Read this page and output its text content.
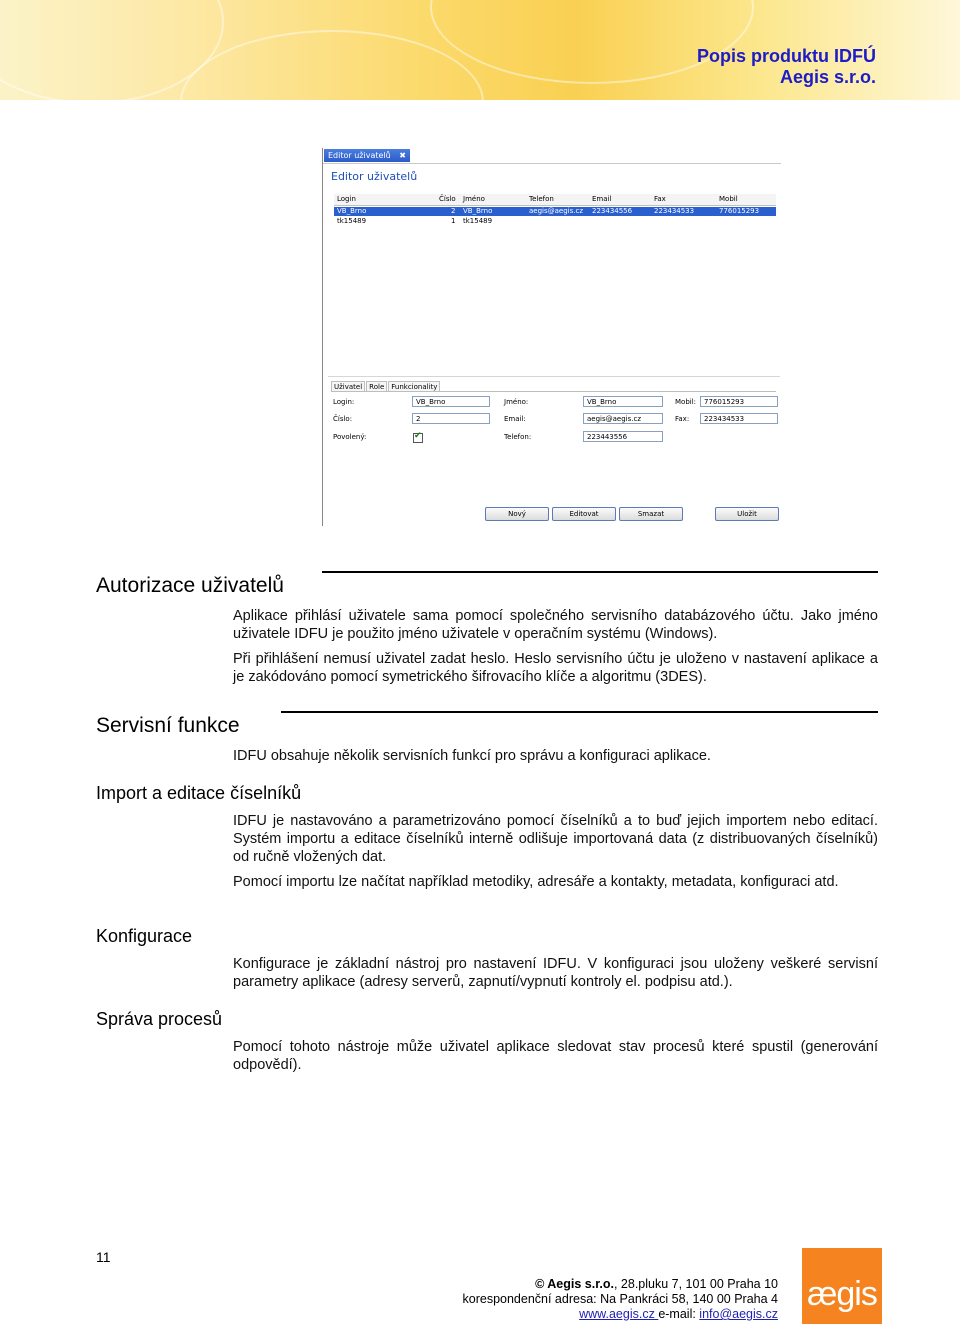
Popis produktu IDFÚ
Aegis s.r.o.
Editor uživatelů ✖
Editor uživatelů
Login	Číslo Jméno	Telefon	Email	Fax	Mobil
VB_Brno	2 VB_Brno	aegis@aegis.cz 223434556	223434533	776015293
tk15489	1 tk15489
Uživatel Role Funkcionality
Login:	VB_Brno
Číslo:	2
Povolený:	✔
Jméno:	VB_Brno
Email:	aegis@aegis.cz
Telefon:	223443556
Mobil:	776015293
Fax:	223434533
Nový	Editovat	Smazat	Uložit
Autorizace uživatelů
Aplikace přihlásí uživatele sama pomocí společného servisního databázového účtu. Jako jméno uživatele IDFU je použito jméno uživatele v operačním systému (Windows).
Při přihlášení nemusí uživatel zadat heslo. Heslo servisního účtu je uloženo v nastavení aplikace a je zakódováno pomocí symetrického šifrovacího klíče a algoritmu (3DES).
Servisní funkce
IDFU obsahuje několik servisních funkcí pro správu a konfiguraci aplikace.
Import a editace číselníků
IDFU je nastavováno a parametrizováno pomocí číselníků a to buď jejich importem nebo editací. Systém importu a editace číselníků interně odlišuje importovaná data (z distribuovaných číselníků) od ručně vložených dat.
Pomocí importu lze načítat například metodiky, adresáře a kontakty, metadata, konfiguraci atd.
Konfigurace
Konfigurace je základní nástroj pro nastavení IDFU. V konfiguraci jsou uloženy veškeré servisní parametry aplikace (adresy serverů, zapnutí/vypnutí kontroly el. podpisu atd.).
Správa procesů
Pomocí tohoto nástroje může uživatel aplikace sledovat stav procesů které spustil (generování odpovědí).
11
© Aegis s.r.o., 28.pluku 7, 101 00 Praha 10
korespondenční adresa: Na Pankráci 58, 140 00 Praha 4
www.aegis.cz e-mail: info@aegis.cz
ægis
